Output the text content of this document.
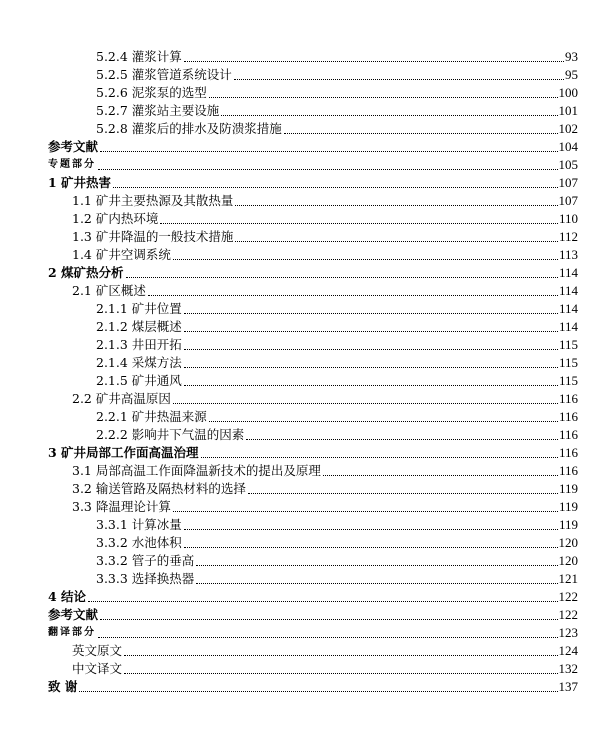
5.2.4 灌浆计算	93
5.2.5 灌浆管道系统设计	95
5.2.6 泥浆泵的选型	100
5.2.7 灌浆站主要设施	101
5.2.8 灌浆后的排水及防溃浆措施	102
参考文献	104
专题部分	105
1 矿井热害	107
1.1 矿井主要热源及其散热量	107
1.2 矿内热环境	110
1.3 矿井降温的一般技术措施	112
1.4 矿井空调系统	113
2 煤矿热分析	114
2.1 矿区概述	114
2.1.1 矿井位置	114
2.1.2 煤层概述	114
2.1.3 井田开拓	115
2.1.4 采煤方法	115
2.1.5 矿井通风	115
2.2 矿井高温原因	116
2.2.1 矿井热温来源	116
2.2.2 影响井下气温的因素	116
3 矿井局部工作面高温治理	116
3.1 局部高温工作面降温新技术的提出及原理	116
3.2 输送管路及隔热材料的选择	119
3.3 降温理论计算	119
3.3.1 计算冰量	119
3.3.2 水池体积	120
3.3.2 管子的垂高	120
3.3.3 选择换热器	121
4 结论	122
参考文献	122
翻译部分	123
英文原文	124
中文译文	132
致 谢	137
